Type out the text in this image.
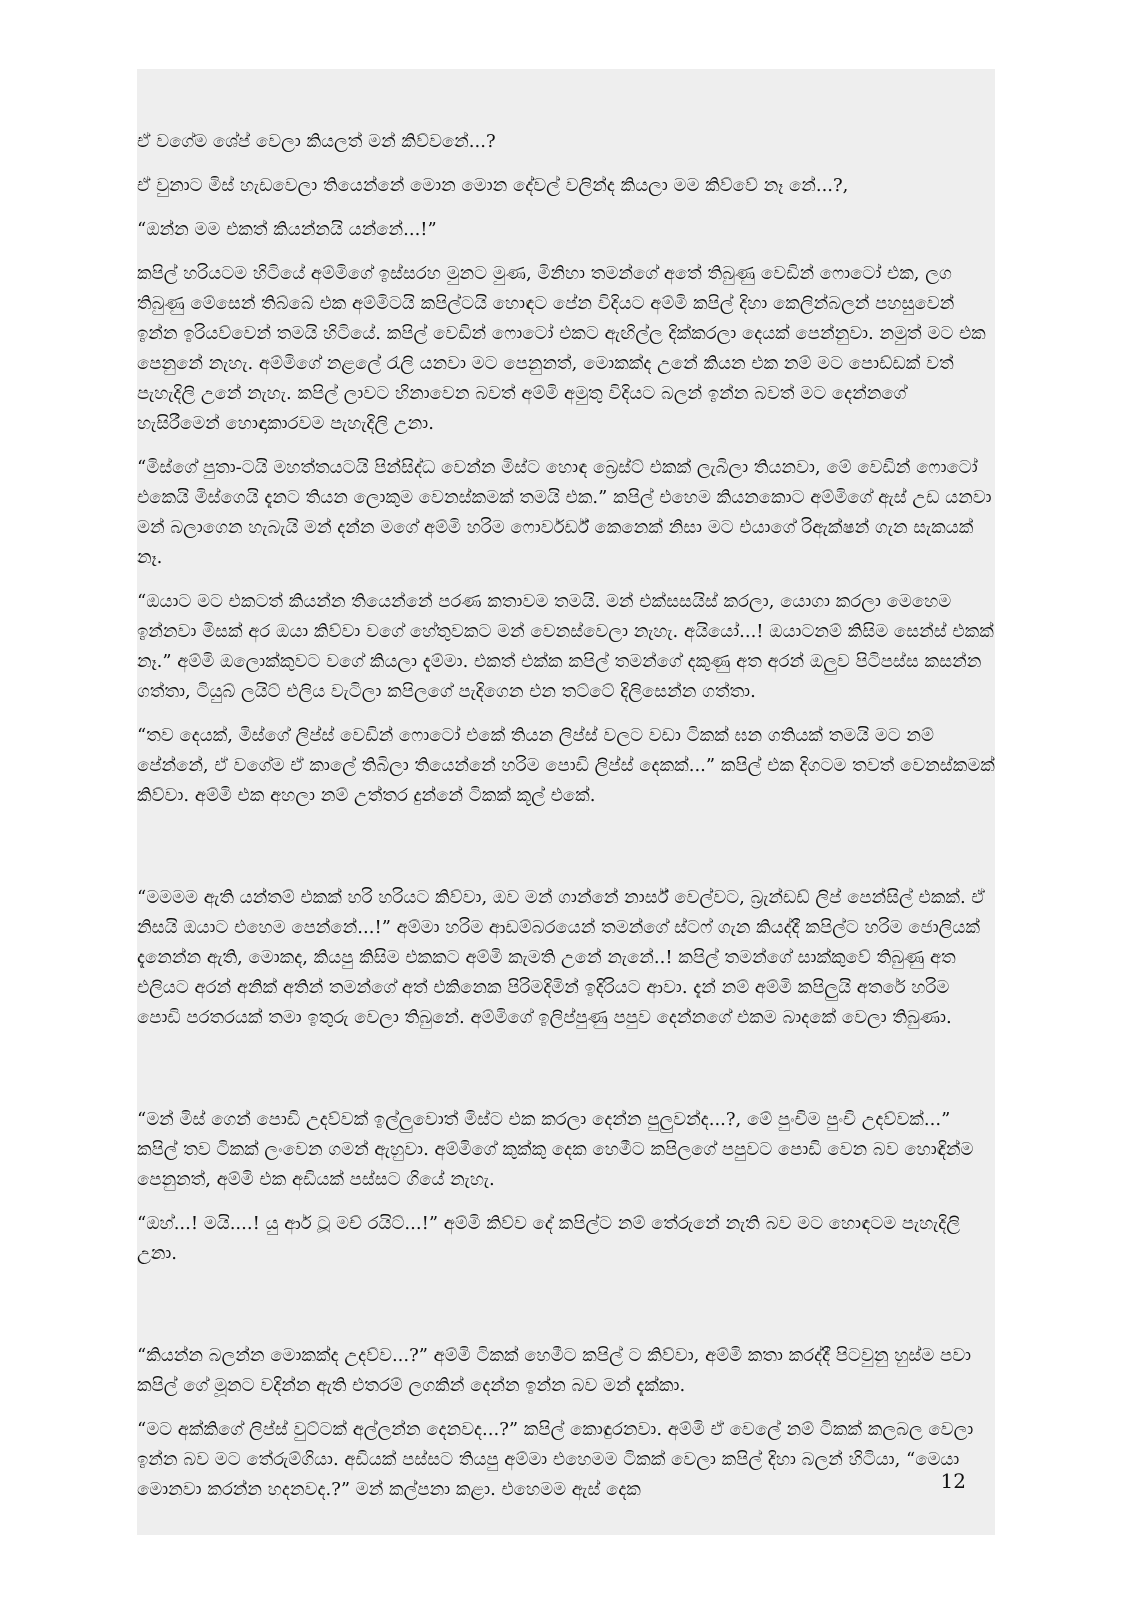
ඒ වගේම ශේප් වෙලා කියලත් මන් කිව්වනේ...?

ඒ වුනාට මිස් හැඩවෙලා තියෙන්නේ මොන මොන දේවල් වලින්ද කියලා මම කිව්වේ නෑ නේ...?,

“ඔන්න මම එකත් කියන්නයි යන්නේ...!”

කපිල් හරියටම හිටියේ අම්මිගේ ඉස්සරහ මුනට මුණ, මිනිහා තමන්ගේ අතේ තිබුණු වෙඩින් ෆොටෝ එක, ලග තිබුණු මේසෙන් තිබ්බේ එක අම්මිටයි කපිල්ටයි හොඳට පේන විදියට අම්මි කපිල් දිහා කෙලින්බලන් පහසුවෙන් ඉන්න ඉරියව්වෙන් තමයි හිටියේ. කපිල් වෙඩින් ෆොටෝ එකට ඇඟිල්ල දික්කරලා දෙයක් පෙන්නුවා. නමුත් මට එක පෙනුනේ නැහැ. අම්මිගේ නළලේ රැලි යනවා මට පෙනුනත්, මොකක්ද උනේ කියන එක නම් මට පොඩ්ඩක් වත් පැහැදිලි උනේ නැහැ. කපිල් ලාවට හිනාවෙන බවත් අම්මි අමුතු විදියට බලන් ඉන්න බවත් මට දෙන්නගේ හැසිරීමෙන් හොඳාකාරවම පැහැදිලි උනා.

“මිස්ගේ පුතා-ටයි මහත්තයටයි පින්සිද්ධ වෙන්න මිස්ට හොඳ බ්‍රෙස්ට් එකක් ලැබිලා තියනවා, මේ වෙඩින් ෆොටෝ එකෙයි මිස්ගෙයි දැනට තියන ලොකුම වෙනස්කමක් තමයි එක.” කපිල් එහෙම කියනකොට අම්මිගේ ඇස් උඩ යනවා මන් බලාගෙන හැබැයි මන් දන්න මගේ අම්මි හරිම ෆොර්වර්ඩ් කෙනෙක් නිසා මට එයාගේ රිඇක්ෂන් ගැන සැකයක් නෑ.

“ඔයාට මට එකටත් කියන්න තියෙන්නේ පරණ කතාවම තමයි. මන් එක්සසයිස් කරලා, යොගා කරලා මෙහෙම ඉන්නවා මිසක් අර ඔයා කිව්වා වගේ හේතුවකට මන් වෙනස්වෙලා නැහැ. අයියෝ...! ඔයාටනම් කිසිම සෙන්ස් එකක් නෑ.” අම්මි ඔලොක්කුවට වගේ කියලා දැම්මා. එකත් එක්ක කපිල් තමන්ගේ දකුණු අත අරන් ඔලුව පිටිපස්ස කසන්න ගත්තා, ටියුබ් ලයිට් එලිය වැටිලා කපිලගේ පැදිගෙන එන තට්ටේ දිලිසෙන්න ගත්තා.

“තව දෙයක්, මිස්ගේ ලිප්ස් වෙඩින් ෆොටෝ එකේ තියන ලිප්ස් වලට වඩා ටිකක් ඝන ගතියක් තමයි මට නම් පේන්නේ, ඒ වගේම ඒ කාලේ තිබිලා තියෙන්නේ හරිම පොඩි ලිප්ස් දෙකක්...” කපිල් එක දිගටම තවත් වෙනස්කමක් කිව්වා. අම්මි එක අහලා නම් උත්තර දුන්නේ ටිකක් කූල් එකේ.

“මමමම ඇති යන්තම් එකක් හරි හරියට කිව්වා, ඔව මන් ගාන්නේ නාර්ස් වෙල්වට, බ්‍රැන්ඩඩ් ලිප් පෙන්සිල් එකක්. ඒ නිසයි ඔයාට එහෙම පෙන්නේ...!” අම්මා හරිම ආඩම්බරයෙන් තමන්ගේ ස්ටෆ් ගැන කියද්දී කපිල්ට හරිම ජොලියක් දැනෙන්න ඇති, මොකද, කියපු කිසිම එකකට අම්මි කැමති උනේ නැනේ..! කපිල් තමන්ගේ සාක්කුවේ තිබුණු අත එලියට අරන් අනික් අතින් තමන්ගේ අත් එකිනෙක පිරිමදිමින් ඉදිරියට ආවා. දැන් නම් අම්මි කපිලුයි අතරේ හරිම පොඩි පරතරයක් තමා ඉතුරු වෙලා තිබුනේ. අම්මිගේ ඉලිප්පුණු පපුව දෙන්නගේ එකම බාදකේ වෙලා තිබුණා.

“මන් මිස් ගෙන් පොඩි උදව්වක් ඉල්ලුවොත් මිස්ට එක කරලා දෙන්න පුලුවන්ද...?, මේ පුංචිම පුංචි උදව්වක්...” කපිල් තව ටිකක් ලංවෙන ගමන් ඇහුවා. අම්මිගේ කුක්කු දෙක හෙමීට කපිලගේ පපුවට පොඩි වෙන බව හොඳින්ම පෙනුනත්, අම්මි එක අඩියක් පස්සට ගියේ නැහැ.

“ඔහ්...! මයි....! යු ආර් ටූ මච් රයිට්...!” අම්මි කිව්ව දේ කපිල්ට නම් තේරුනේ නැති බව මට හොඳටම පැහැදිලි උනා.

“කියන්න බලන්න මොකක්ද උදව්ව...?” අම්මි ටිකක් හෙමීට කපිල් ට කිව්වා, අම්මි කතා කරද්දී පිටවුනු හුස්ම පවා කපිල් ගේ මූනට වදින්න ඇති එතරම් ලගකින් දෙන්න ඉන්න බව මන් දැක්කා.

“මට අක්කිගේ ලිප්ස් වුට්ටක් අල්ලන්න දෙනවද...?” කපිල් කොඳුරනවා. අම්මි ඒ වෙලේ නම් ටිකක් කලබල වෙලා ඉන්න බව මට තේරුම්ගියා. අඩියක් පස්සට තියපු අම්මා එහෙමම ටිකක් වෙලා කපිල් දිහා බලන් හිටියා, “මෙයා මොනවා කරන්න හදනවද.?” මන් කල්පනා කළා. එහෙමම ඇස් දෙක	12
